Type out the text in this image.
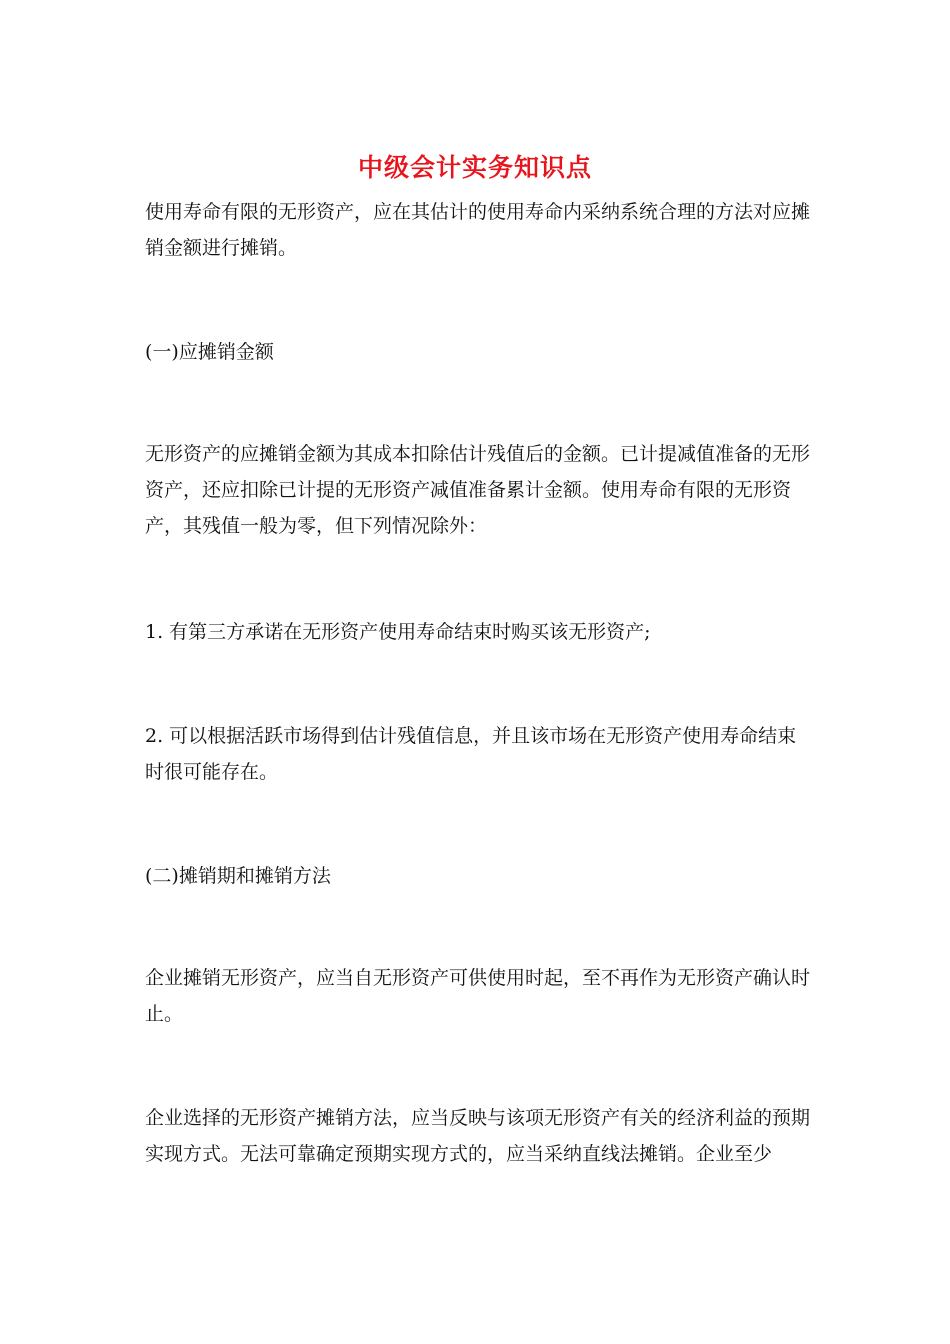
中级会计实务知识点

使用寿命有限的无形资产，应在其估计的使用寿命内采纳系统合理的方法对应摊销金额进行摊销。

(一)应摊销金额

无形资产的应摊销金额为其成本扣除估计残值后的金额。已计提减值准备的无形资产，还应扣除已计提的无形资产减值准备累计金额。使用寿命有限的无形资产，其残值一般为零，但下列情况除外：

1. 有第三方承诺在无形资产使用寿命结束时购买该无形资产;

2. 可以根据活跃市场得到估计残值信息，并且该市场在无形资产使用寿命结束时很可能存在。

(二)摊销期和摊销方法

企业摊销无形资产，应当自无形资产可供使用时起，至不再作为无形资产确认时止。

企业选择的无形资产摊销方法，应当反映与该项无形资产有关的经济利益的预期实现方式。无法可靠确定预期实现方式的，应当采纳直线法摊销。企业至少
